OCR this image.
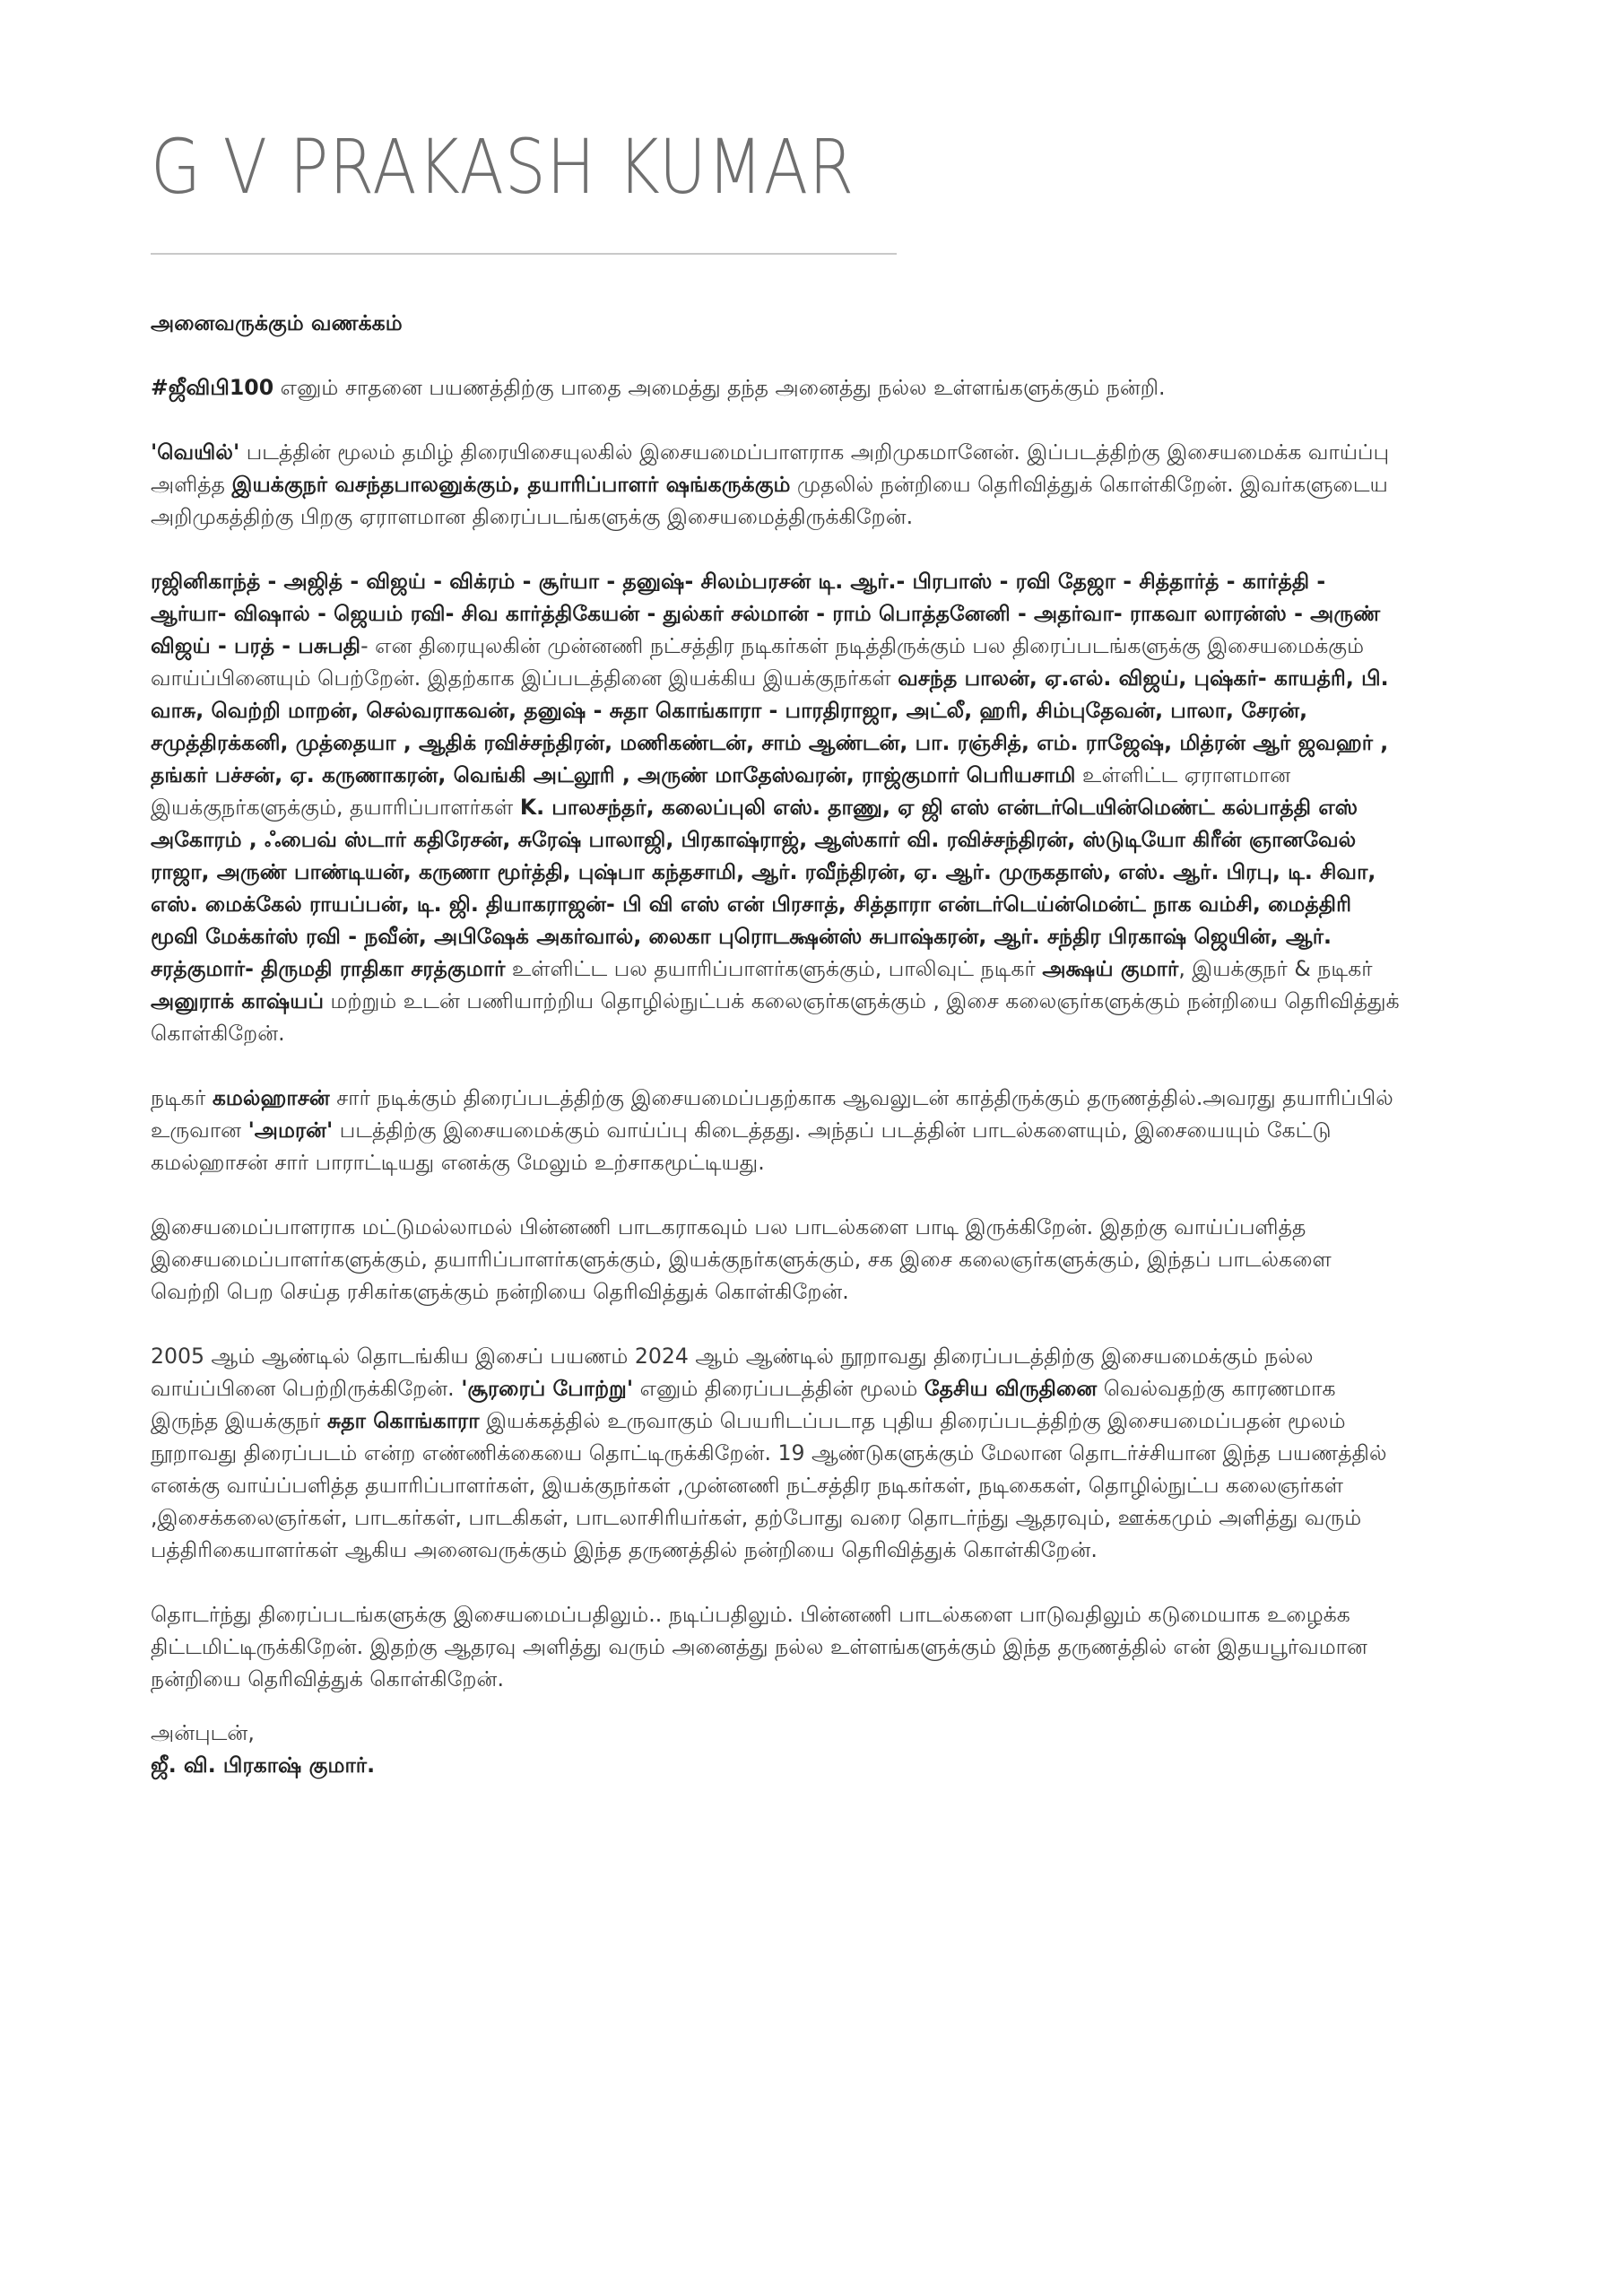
G V PRAKASH KUMAR

அனைவருக்கும் வணக்கம்

#ஜீவிபி100 எனும் சாதனை பயணத்திற்கு பாதை அமைத்து தந்த அனைத்து நல்ல உள்ளங்களுக்கும் நன்றி.

'வெயில்' படத்தின் மூலம் தமிழ் திரையிசையுலகில் இசையமைப்பாளராக அறிமுகமானேன். இப்படத்திற்கு இசையமைக்க வாய்ப்பு அளித்த இயக்குநர் வசந்தபாலனுக்கும், தயாரிப்பாளர் ஷங்கருக்கும் முதலில் நன்றியை தெரிவித்துக் கொள்கிறேன். இவர்களுடைய அறிமுகத்திற்கு பிறகு ஏராளமான திரைப்படங்களுக்கு இசையமைத்திருக்கிறேன்.

ரஜினிகாந்த் - அஜித் - விஜய் - விக்ரம் - சூர்யா - தனுஷ்- சிலம்பரசன் டி. ஆர்.- பிரபாஸ் - ரவி தேஜா - சித்தார்த் - கார்த்தி - ஆர்யா- விஷால் - ஜெயம் ரவி- சிவ கார்த்திகேயன் - துல்கர் சல்மான் - ராம் பொத்தனேனி - அதர்வா- ராகவா லாரன்ஸ் - அருண் விஜய் - பரத் - பசுபதி- என திரையுலகின் முன்னணி நட்சத்திர நடிகர்கள் நடித்திருக்கும் பல திரைப்படங்களுக்கு இசையமைக்கும் வாய்ப்பினையும் பெற்றேன். இதற்காக இப்படத்தினை இயக்கிய இயக்குநர்கள் வசந்த பாலன், ஏ.எல். விஜய், புஷ்கர்- காயத்ரி, பி. வாசு, வெற்றி மாறன், செல்வராகவன், தனுஷ் - சுதா கொங்காரா - பாரதிராஜா, அட்லீ, ஹரி, சிம்புதேவன், பாலா, சேரன், சமுத்திரக்கனி, முத்தையா , ஆதிக் ரவிச்சந்திரன், மணிகண்டன், சாம் ஆண்டன், பா. ரஞ்சித், எம். ராஜேஷ், மித்ரன் ஆர் ஜவஹர் , தங்கர் பச்சன், ஏ. கருணாகரன், வெங்கி அட்லூரி , அருண் மாதேஸ்வரன், ராஜ்குமார் பெரியசாமி உள்ளிட்ட ஏராளமான இயக்குநர்களுக்கும், தயாரிப்பாளர்கள் K. பாலசந்தர், கலைப்புலி எஸ். தாணு, ஏ ஜி எஸ் என்டர்டெயின்மெண்ட் கல்பாத்தி எஸ் அகோரம் , ஃபைவ் ஸ்டார் கதிரேசன், சுரேஷ் பாலாஜி, பிரகாஷ்ராஜ், ஆஸ்கார் வி. ரவிச்சந்திரன், ஸ்டுடியோ கிரீன் ஞானவேல் ராஜா, அருண் பாண்டியன், கருணா மூர்த்தி, புஷ்பா கந்தசாமி, ஆர். ரவீந்திரன், ஏ. ஆர். முருகதாஸ், எஸ். ஆர். பிரபு, டி. சிவா, எஸ். மைக்கேல் ராயப்பன், டி. ஜி. தியாகராஜன்- பி வி எஸ் என் பிரசாத், சித்தாரா என்டர்டெய்ன்மென்ட் நாக வம்சி, மைத்திரி மூவி மேக்கர்ஸ் ரவி - நவீன், அபிஷேக் அகர்வால், லைகா புரொடக்ஷன்ஸ் சுபாஷ்கரன், ஆர். சந்திர பிரகாஷ் ஜெயின், ஆர். சரத்குமார்- திருமதி ராதிகா சரத்குமார் உள்ளிட்ட பல தயாரிப்பாளர்களுக்கும், பாலிவுட் நடிகர் அக்ஷய் குமார், இயக்குநர் & நடிகர் அனுராக் காஷ்யப் மற்றும் உடன் பணியாற்றிய தொழில்நுட்பக் கலைஞர்களுக்கும் , இசை கலைஞர்களுக்கும் நன்றியை தெரிவித்துக் கொள்கிறேன்.

நடிகர் கமல்ஹாசன் சார் நடிக்கும் திரைப்படத்திற்கு இசையமைப்பதற்காக ஆவலுடன் காத்திருக்கும் தருணத்தில்.அவரது தயாரிப்பில் உருவான 'அமரன்' படத்திற்கு இசையமைக்கும் வாய்ப்பு கிடைத்தது. அந்தப் படத்தின் பாடல்களையும், இசையையும் கேட்டு கமல்ஹாசன் சார் பாராட்டியது எனக்கு மேலும் உற்சாகமூட்டியது.

இசையமைப்பாளராக மட்டுமல்லாமல் பின்னணி பாடகராகவும் பல பாடல்களை பாடி இருக்கிறேன். இதற்கு வாய்ப்பளித்த இசையமைப்பாளர்களுக்கும், தயாரிப்பாளர்களுக்கும், இயக்குநர்களுக்கும், சக இசை கலைஞர்களுக்கும், இந்தப் பாடல்களை வெற்றி பெற செய்த ரசிகர்களுக்கும் நன்றியை தெரிவித்துக் கொள்கிறேன்.

2005 ஆம் ஆண்டில் தொடங்கிய இசைப் பயணம் 2024 ஆம் ஆண்டில் நூறாவது திரைப்படத்திற்கு இசையமைக்கும் நல்ல வாய்ப்பினை பெற்றிருக்கிறேன். 'சூரரைப் போற்று' எனும் திரைப்படத்தின் மூலம் தேசிய விருதினை வெல்வதற்கு காரணமாக இருந்த இயக்குநர் சுதா கொங்காரா இயக்கத்தில் உருவாகும் பெயரிடப்படாத புதிய திரைப்படத்திற்கு இசையமைப்பதன் மூலம் நூறாவது திரைப்படம் என்ற எண்ணிக்கையை தொட்டிருக்கிறேன். 19 ஆண்டுகளுக்கும் மேலான தொடர்ச்சியான இந்த பயணத்தில் எனக்கு வாய்ப்பளித்த தயாரிப்பாளர்கள், இயக்குநர்கள் ,முன்னணி நட்சத்திர நடிகர்கள், நடிகைகள், தொழில்நுட்ப கலைஞர்கள் ,இசைக்கலைஞர்கள், பாடகர்கள், பாடகிகள், பாடலாசிரியர்கள், தற்போது வரை தொடர்ந்து ஆதரவும், ஊக்கமும் அளித்து வரும் பத்திரிகையாளர்கள் ஆகிய அனைவருக்கும் இந்த தருணத்தில் நன்றியை தெரிவித்துக் கொள்கிறேன்.

தொடர்ந்து திரைப்படங்களுக்கு இசையமைப்பதிலும்.. நடிப்பதிலும். பின்னணி பாடல்களை பாடுவதிலும் கடுமையாக உழைக்க திட்டமிட்டிருக்கிறேன். இதற்கு ஆதரவு அளித்து வரும் அனைத்து நல்ல உள்ளங்களுக்கும் இந்த தருணத்தில் என் இதயபூர்வமான நன்றியை தெரிவித்துக் கொள்கிறேன்.

அன்புடன்,
ஜீ. வி. பிரகாஷ் குமார்.
